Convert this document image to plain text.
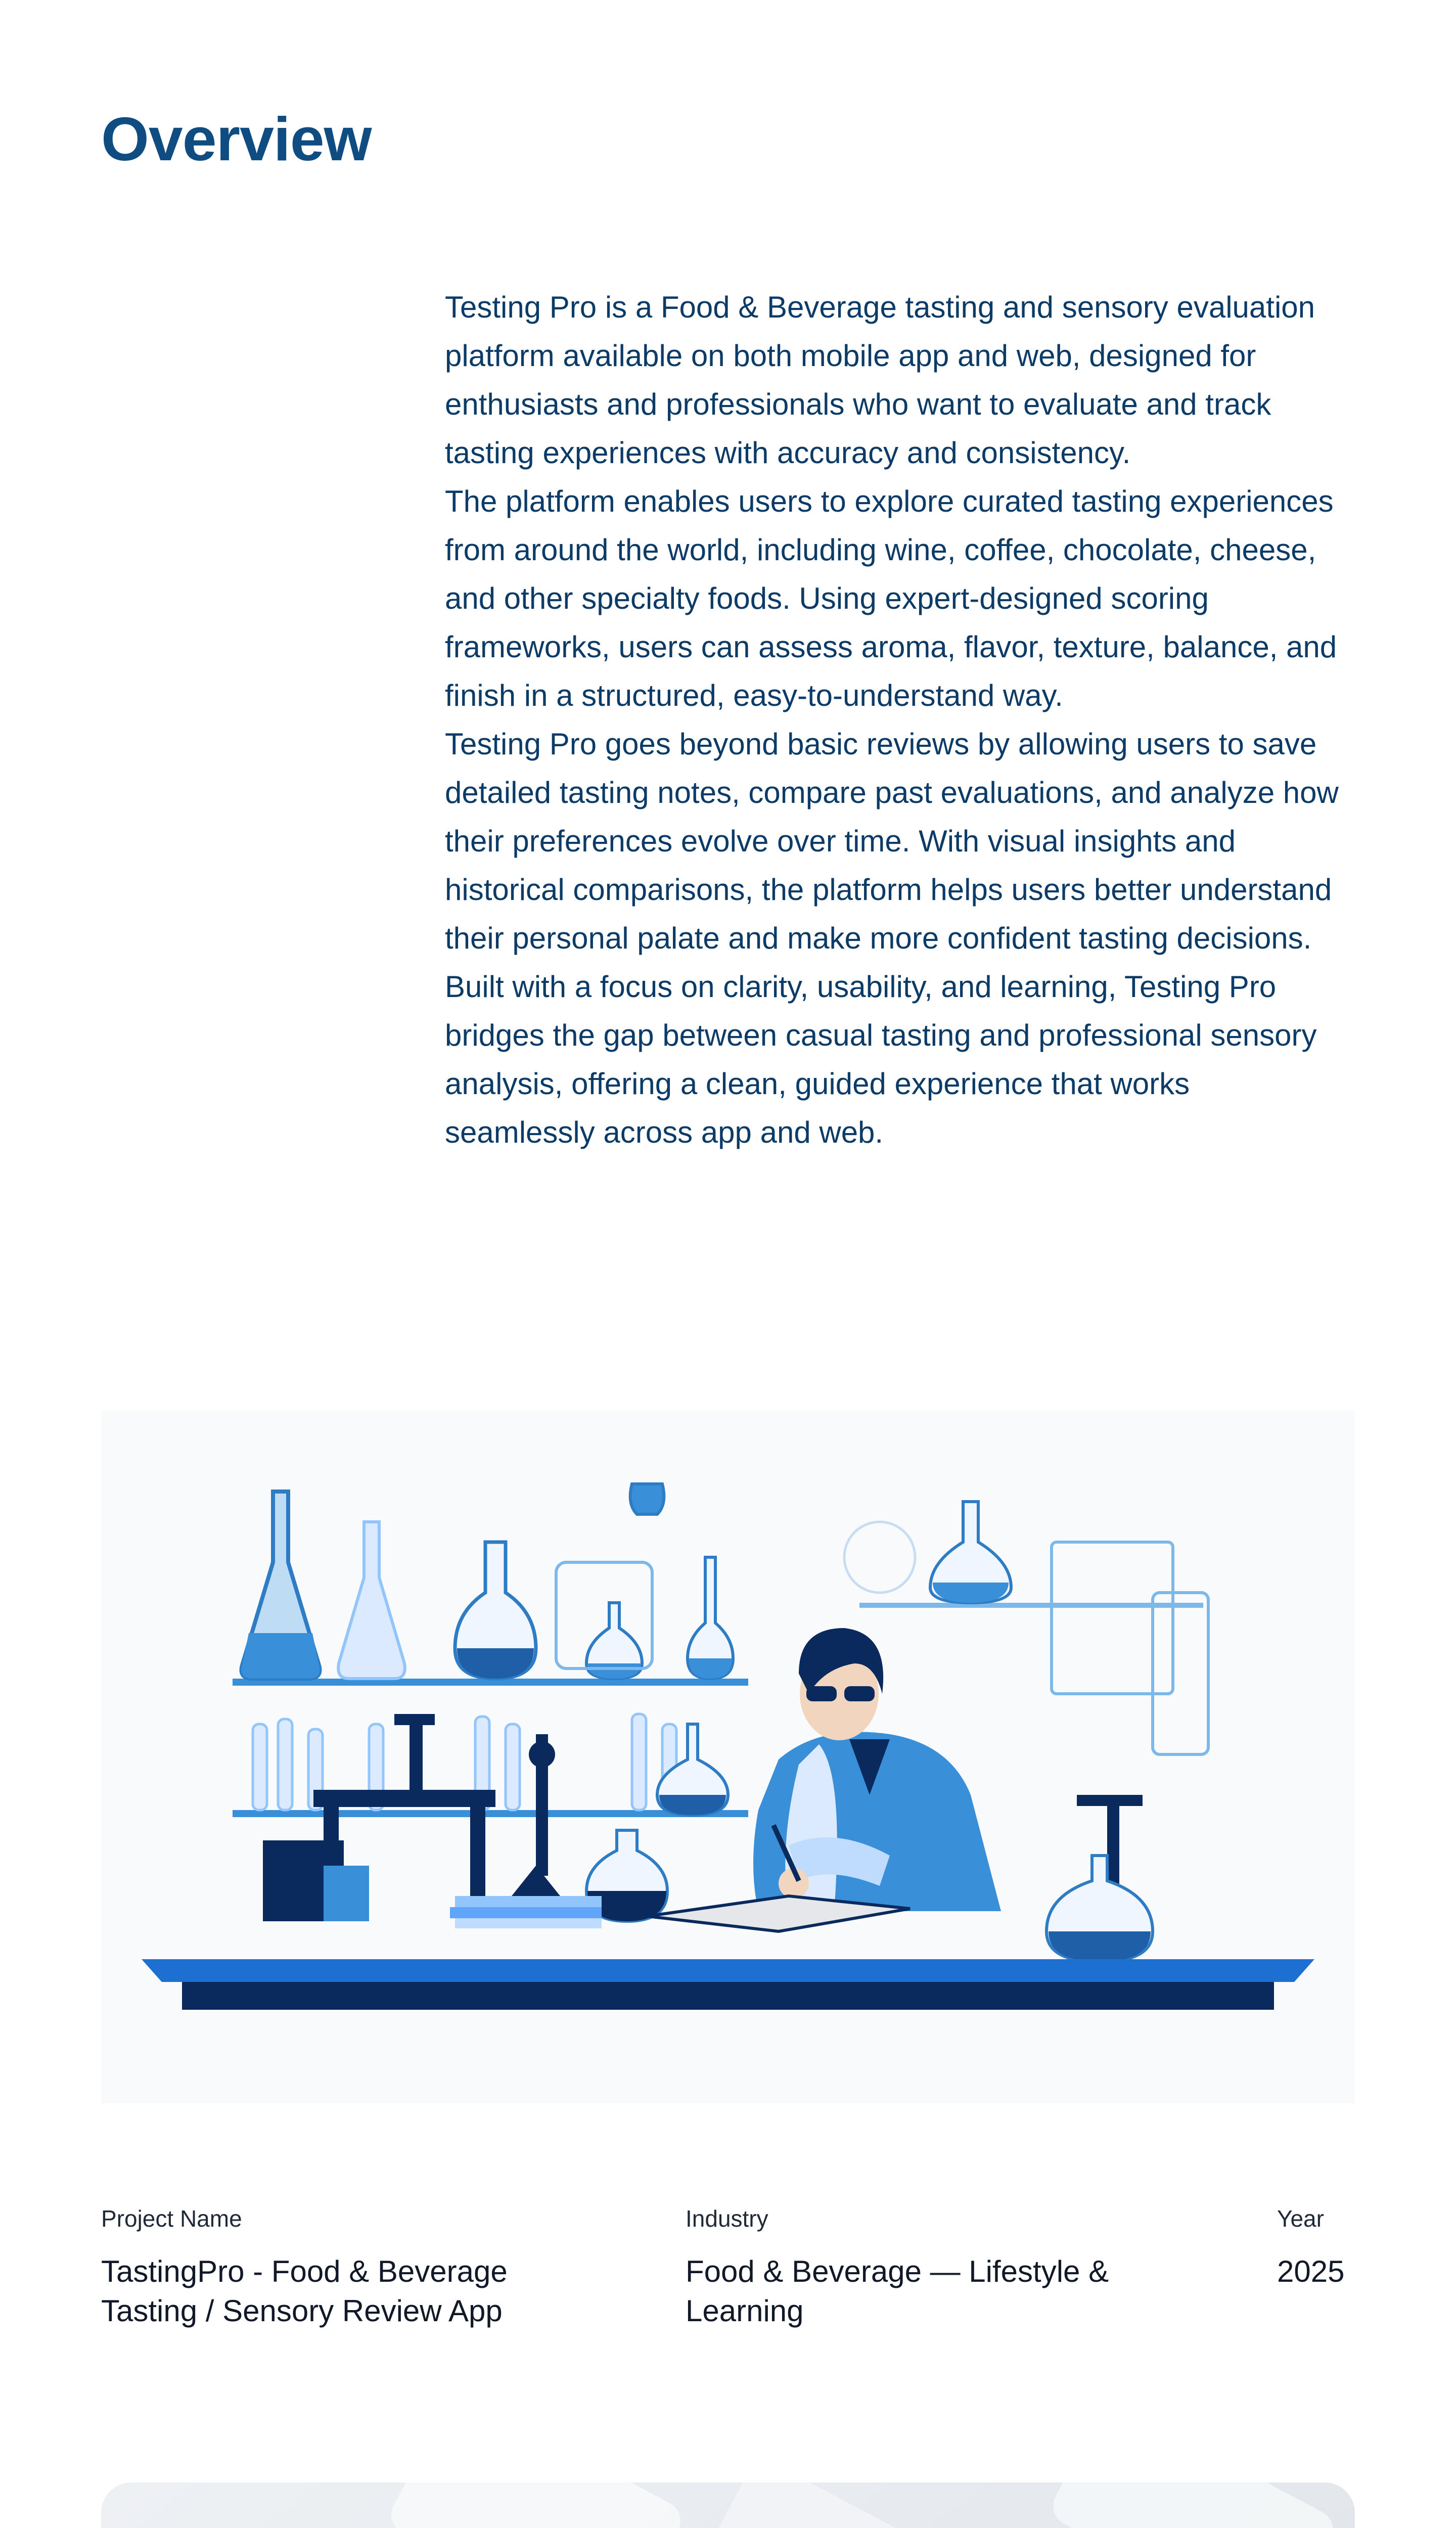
Overview

Testing Pro is a Food & Beverage tasting and sensory evaluation platform available on both mobile app and web, designed for enthusiasts and professionals who want to evaluate and track tasting experiences with accuracy and consistency.

The platform enables users to explore curated tasting experiences from around the world, including wine, coffee, chocolate, cheese, and other specialty foods. Using expert-designed scoring frameworks, users can assess aroma, flavor, texture, balance, and finish in a structured, easy-to-understand way.

Testing Pro goes beyond basic reviews by allowing users to save detailed tasting notes, compare past evaluations, and analyze how their preferences evolve over time. With visual insights and historical comparisons, the platform helps users better understand their personal palate and make more confident tasting decisions.

Built with a focus on clarity, usability, and learning, Testing Pro bridges the gap between casual tasting and professional sensory analysis, offering a clean, guided experience that works seamlessly across app and web.

Project Name
TastingPro - Food & Beverage Tasting / Sensory Review App
Industry
Food & Beverage — Lifestyle & Learning
Year
2025
